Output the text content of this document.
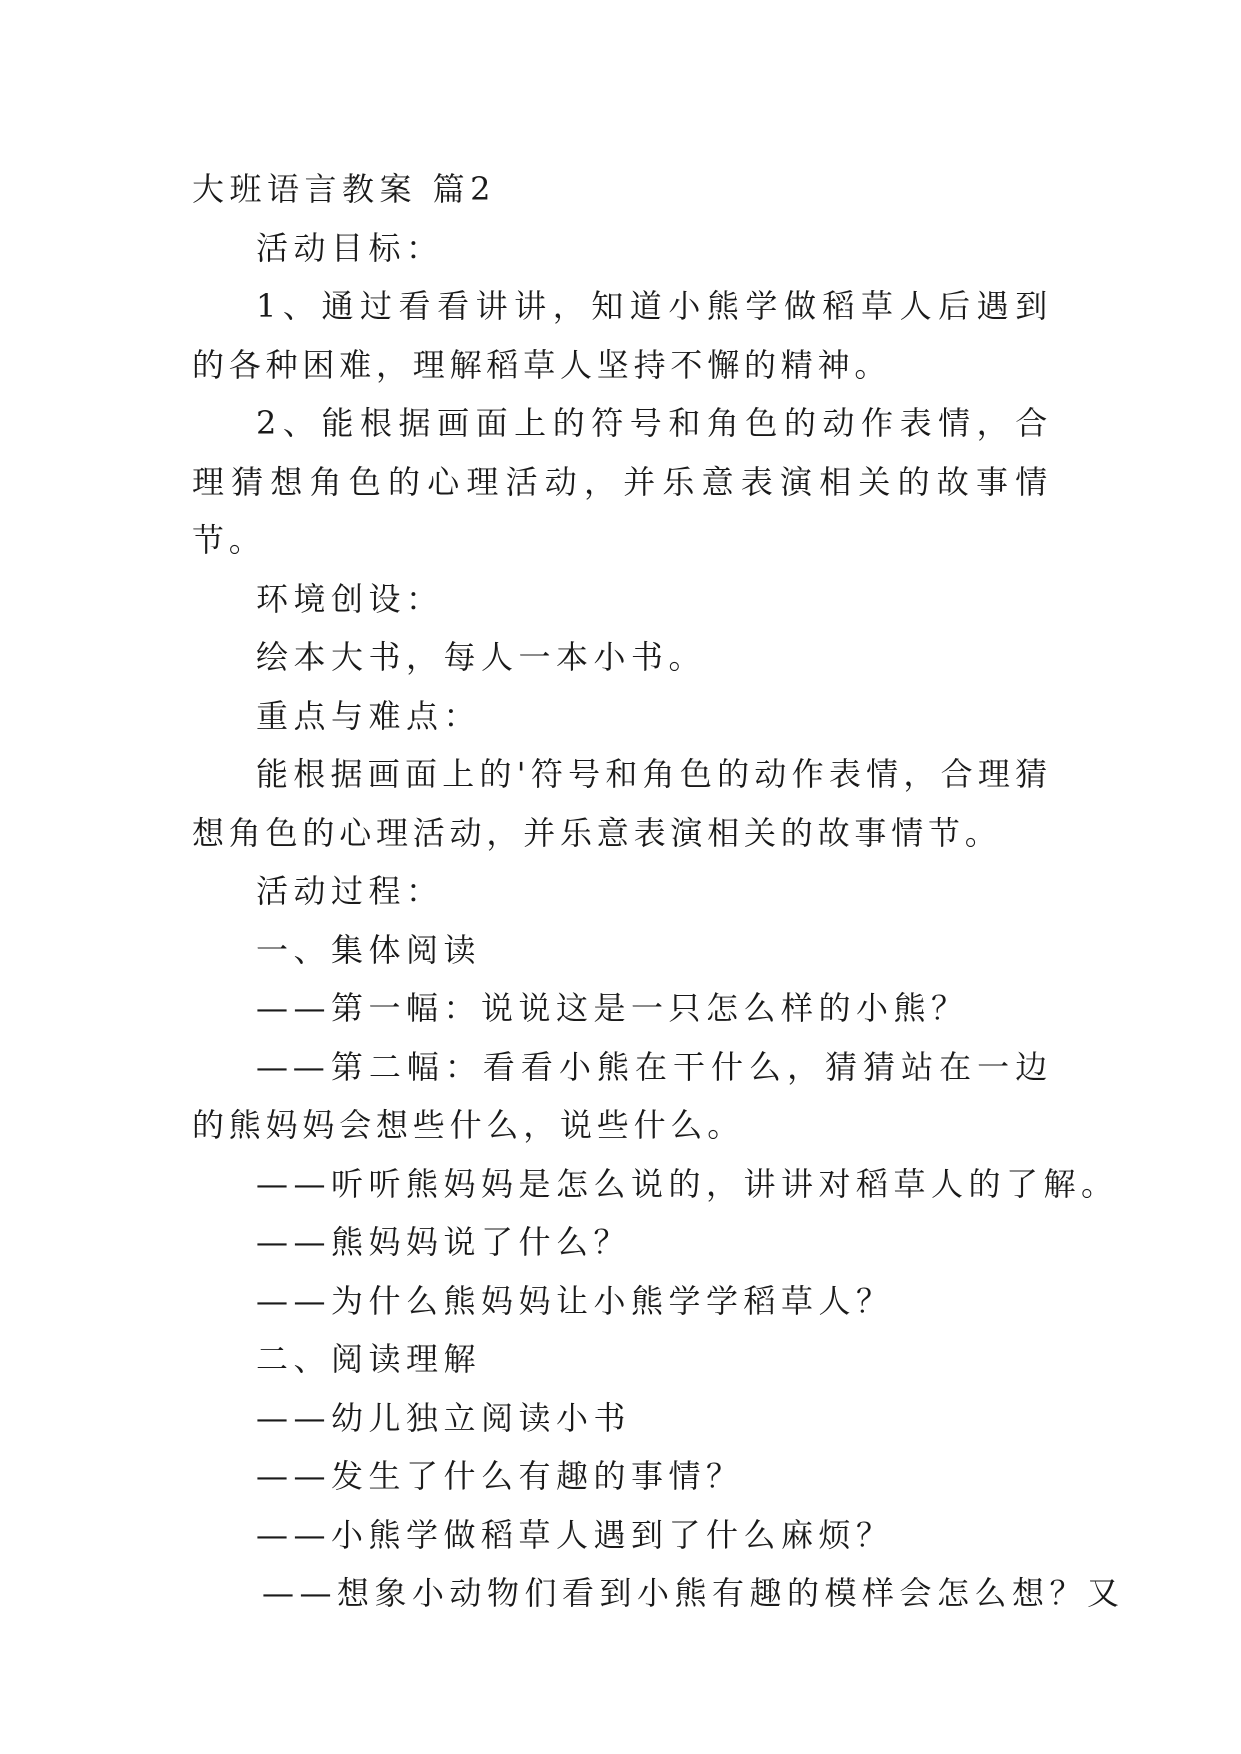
大班语言教案 篇2

活动目标：

1、通过看看讲讲，知道小熊学做稻草人后遇到的各种困难，理解稻草人坚持不懈的精神。

2、能根据画面上的符号和角色的动作表情，合理猜想角色的心理活动，并乐意表演相关的故事情节。

环境创设：

绘本大书，每人一本小书。

重点与难点：

能根据画面上的'符号和角色的动作表情，合理猜想角色的心理活动，并乐意表演相关的故事情节。

活动过程：

一、集体阅读

——第一幅：说说这是一只怎么样的小熊？

——第二幅：看看小熊在干什么，猜猜站在一边的熊妈妈会想些什么，说些什么。

——听听熊妈妈是怎么说的，讲讲对稻草人的了解。

——熊妈妈说了什么？

——为什么熊妈妈让小熊学学稻草人？

二、阅读理解

——幼儿独立阅读小书

——发生了什么有趣的事情？

——小熊学做稻草人遇到了什么麻烦？

——想象小动物们看到小熊有趣的模样会怎么想？又
